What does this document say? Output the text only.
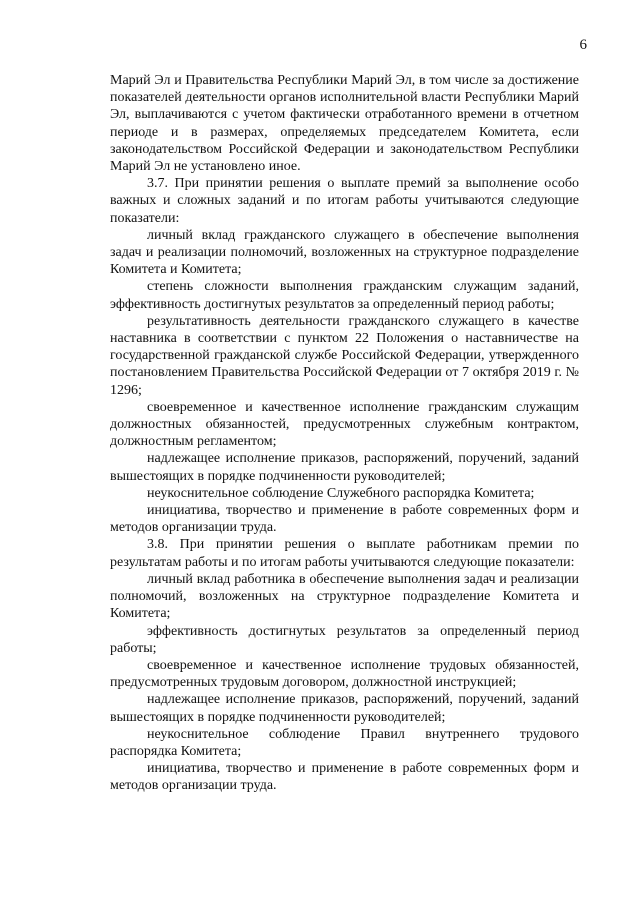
6

Марий Эл и Правительства Республики Марий Эл, в том числе за достижение показателей деятельности органов исполнительной власти Республики Марий Эл, выплачиваются с учетом фактически отработанного времени в отчетном периоде и в размерах, определяемых председателем Комитета, если законодательством Российской Федерации и законодательством Республики Марий Эл не установлено иное.

3.7. При принятии решения о выплате премий за выполнение особо важных и сложных заданий и по итогам работы учитываются следующие показатели:

личный вклад гражданского служащего в обеспечение выполнения задач и реализации полномочий, возложенных на структурное подразделение Комитета и Комитета;

степень сложности выполнения гражданским служащим заданий, эффективность достигнутых результатов за определенный период работы;

результативность деятельности гражданского служащего в качестве наставника в соответствии с пунктом 22 Положения о наставничестве на государственной гражданской службе Российской Федерации, утвержденного постановлением Правительства Российской Федерации от 7 октября 2019 г. № 1296;

своевременное и качественное исполнение гражданским служащим должностных обязанностей, предусмотренных служебным контрактом, должностным регламентом;

надлежащее исполнение приказов, распоряжений, поручений, заданий вышестоящих в порядке подчиненности руководителей;

неукоснительное соблюдение Служебного распорядка Комитета;

инициатива, творчество и применение в работе современных форм и методов организации труда.

3.8. При принятии решения о выплате работникам премии по результатам работы и по итогам работы учитываются следующие показатели:

личный вклад работника в обеспечение выполнения задач и реализации полномочий, возложенных на структурное подразделение Комитета и Комитета;

эффективность достигнутых результатов за определенный период работы;

своевременное и качественное исполнение трудовых обязанностей, предусмотренных трудовым договором, должностной инструкцией;

надлежащее исполнение приказов, распоряжений, поручений, заданий вышестоящих в порядке подчиненности руководителей;

неукоснительное соблюдение Правил внутреннего трудового распорядка Комитета;

инициатива, творчество и применение в работе современных форм и методов организации труда.
